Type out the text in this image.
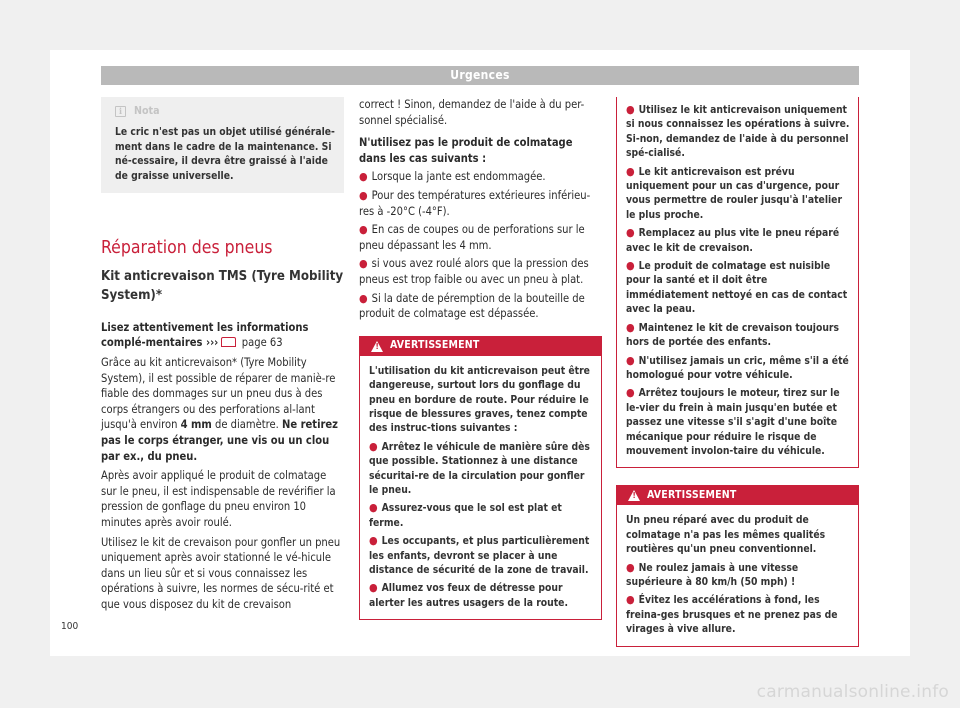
Urgences
i	Nota
Le cric n'est pas un objet utilisé générale-ment dans le cadre de la maintenance. Si né-cessaire, il devra être graissé à l'aide de graisse universelle.
Réparation des pneus
Kit anticrevaison TMS (Tyre Mobility System)*
Lisez attentivement les informations complé-mentaires ››› page 63

Grâce au kit anticrevaison* (Tyre Mobility System), il est possible de réparer de maniè-re fiable des dommages sur un pneu dus à des corps étrangers ou des perforations al-lant jusqu'à environ 4 mm de diamètre. Ne retirez pas le corps étranger, une vis ou un clou par ex., du pneu.

Après avoir appliqué le produit de colmatage sur le pneu, il est indispensable de revérifier la pression de gonflage du pneu environ 10 minutes après avoir roulé.

Utilisez le kit de crevaison pour gonfler un pneu uniquement après avoir stationné le vé-hicule dans un lieu sûr et si vous connaissez les opérations à suivre, les normes de sécu-rité et que vous disposez du kit de crevaison

correct ! Sinon, demandez de l'aide à du per-sonnel spécialisé.

N'utilisez pas le produit de colmatage dans les cas suivants :

● Lorsque la jante est endommagée.
● Pour des températures extérieures inférieu-res à -20°C (-4°F).
● En cas de coupes ou de perforations sur le pneu dépassant les 4 mm.
● si vous avez roulé alors que la pression des pneus est trop faible ou avec un pneu à plat.
● Si la date de péremption de la bouteille de produit de colmatage est dépassée.
!
AVERTISSEMENT
L'utilisation du kit anticrevaison peut être dangereuse, surtout lors du gonflage du pneu en bordure de route. Pour réduire le risque de blessures graves, tenez compte des instruc-tions suivantes :
● Arrêtez le véhicule de manière sûre dès que possible. Stationnez à une distance sécuritai-re de la circulation pour gonfler le pneu.
● Assurez-vous que le sol est plat et ferme.
● Les occupants, et plus particulièrement les enfants, devront se placer à une distance de sécurité de la zone de travail.
● Allumez vos feux de détresse pour alerter les autres usagers de la route.
● Utilisez le kit anticrevaison uniquement si nous connaissez les opérations à suivre. Si-non, demandez de l'aide à du personnel spé-cialisé.
● Le kit anticrevaison est prévu uniquement pour un cas d'urgence, pour vous permettre de rouler jusqu'à l'atelier le plus proche.
● Remplacez au plus vite le pneu réparé avec le kit de crevaison.
● Le produit de colmatage est nuisible pour la santé et il doit être immédiatement nettoyé en cas de contact avec la peau.
● Maintenez le kit de crevaison toujours hors de portée des enfants.
● N'utilisez jamais un cric, même s'il a été homologué pour votre véhicule.
● Arrêtez toujours le moteur, tirez sur le le-vier du frein à main jusqu'en butée et passez une vitesse s'il s'agit d'une boîte mécanique pour réduire le risque de mouvement involon-taire du véhicule.
!
AVERTISSEMENT
Un pneu réparé avec du produit de colmatage n'a pas les mêmes qualités routières qu'un pneu conventionnel.
● Ne roulez jamais à une vitesse supérieure à 80 km/h (50 mph) !
● Évitez les accélérations à fond, les freina-ges brusques et ne prenez pas de virages à vive allure.
100
carmanualsonline.info
